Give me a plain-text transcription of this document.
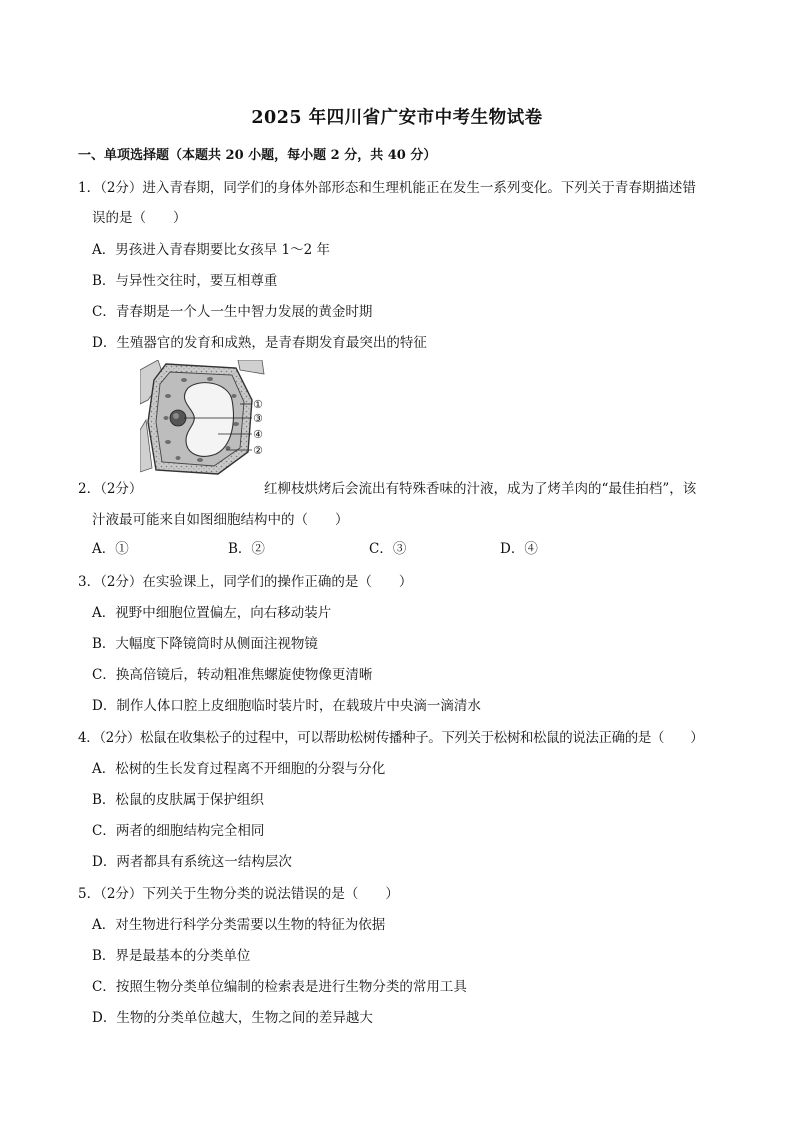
2025 年四川省广安市中考生物试卷
一、单项选择题（本题共 20 小题，每小题 2 分，共 40 分）
1．（2分）进入青春期，同学们的身体外部形态和生理机能正在发生一系列变化。下列关于青春期描述错
误的是（　　）
A．男孩进入青春期要比女孩早 1～2 年
B．与异性交往时，要互相尊重
C．青春期是一个人一生中智力发展的黄金时期
D．生殖器官的发育和成熟，是青春期发育最突出的特征
①
③
④
②
2．（2分）	红柳枝烘烤后会流出有特殊香味的汁液，成为了烤羊肉的“最佳拍档”，该
汁液最可能来自如图细胞结构中的（　　）
A．①	B．②	C．③	D．④
3．（2分）在实验课上，同学们的操作正确的是（　　）
A．视野中细胞位置偏左，向右移动装片
B．大幅度下降镜筒时从侧面注视物镜
C．换高倍镜后，转动粗准焦螺旋使物像更清晰
D．制作人体口腔上皮细胞临时装片时，在载玻片中央滴一滴清水
4．（2分）松鼠在收集松子的过程中，可以帮助松树传播种子。下列关于松树和松鼠的说法正确的是（　　）
A．松树的生长发育过程离不开细胞的分裂与分化
B．松鼠的皮肤属于保护组织
C．两者的细胞结构完全相同
D．两者都具有系统这一结构层次
5．（2分）下列关于生物分类的说法错误的是（　　）
A．对生物进行科学分类需要以生物的特征为依据
B．界是最基本的分类单位
C．按照生物分类单位编制的检索表是进行生物分类的常用工具
D．生物的分类单位越大，生物之间的差异越大
